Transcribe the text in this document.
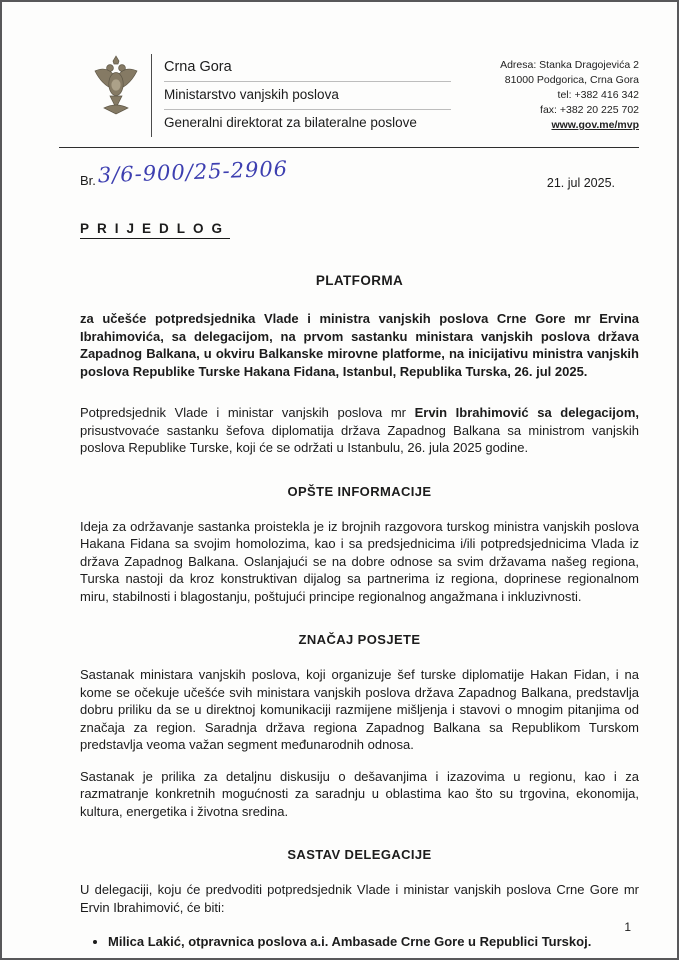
Crna Gora
Ministarstvo vanjskih poslova
Generalni direktorat za bilateralne poslove
Adresa: Stanka Dragojevića 2
81000 Podgorica, Crna Gora
tel: +382 416 342
fax: +382 20 225 702
www.gov.me/mvp
Br.3/6-900/25-2906	21. jul 2025.
PRIJEDLOG
PLATFORMA

za učešće potpredsjednika Vlade i ministra vanjskih poslova Crne Gore mr Ervina Ibrahimovića, sa delegacijom, na prvom sastanku ministara vanjskih poslova država Zapadnog Balkana, u okviru Balkanske mirovne platforme, na inicijativu ministra vanjskih poslova Republike Turske Hakana Fidana, Istanbul, Republika Turska, 26. jul 2025.

Potpredsjednik Vlade i ministar vanjskih poslova mr Ervin Ibrahimović sa delegacijom, prisustvovaće sastanku šefova diplomatija država Zapadnog Balkana sa ministrom vanjskih poslova Republike Turske, koji će se održati u Istanbulu, 26. jula 2025 godine.

OPŠTE INFORMACIJE

Ideja za održavanje sastanka proistekla je iz brojnih razgovora turskog ministra vanjskih poslova Hakana Fidana sa svojim homolozima, kao i sa predsjednicima i/ili potpredsjednicima Vlada iz država Zapadnog Balkana. Oslanjajući se na dobre odnose sa svim državama našeg regiona, Turska nastoji da kroz konstruktivan dijalog sa partnerima iz regiona, doprinese regionalnom miru, stabilnosti i blagostanju, poštujući principe regionalnog angažmana i inkluzivnosti.

ZNAČAJ POSJETE

Sastanak ministara vanjskih poslova, koji organizuje šef turske diplomatije Hakan Fidan, i na kome se očekuje učešće svih ministara vanjskih poslova država Zapadnog Balkana, predstavlja dobru priliku da se u direktnoj komunikaciji razmijene mišljenja i stavovi o mnogim pitanjima od značaja za region. Saradnja država regiona Zapadnog Balkana sa Republikom Turskom predstavlja veoma važan segment međunarodnih odnosa.

Sastanak je prilika za detaljnu diskusiju o dešavanjima i izazovima u regionu, kao i za razmatranje konkretnih mogućnosti za saradnju u oblastima kao što su trgovina, ekonomija, kultura, energetika i životna sredina.

SASTAV DELEGACIJE

U delegaciji, koju će predvoditi potpredsjednik Vlade i ministar vanjskih poslova Crne Gore mr Ervin Ibrahimović, će biti:

• Milica Lakić, otpravnica poslova a.i. Ambasade Crne Gore u Republici Turskoj.
1
